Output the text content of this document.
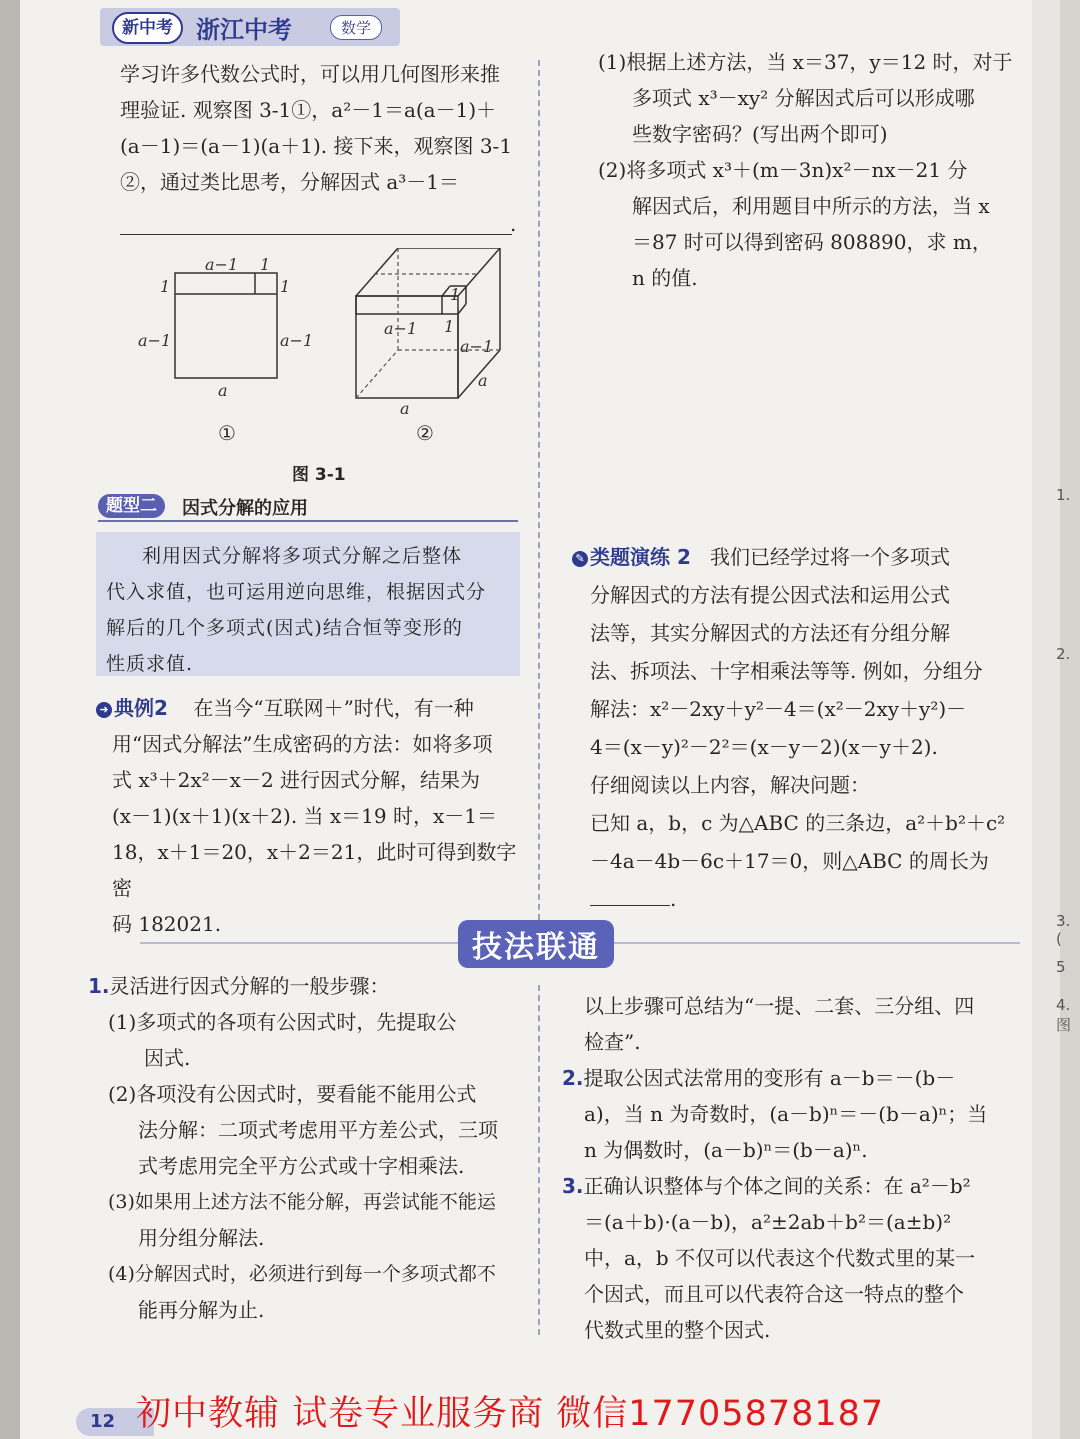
1.
2.
3.(
5
4.图
新中考 浙江中考	数学

学习许多代数公式时，可以用几何图形来推

理验证. 观察图 3-1①，a²－1＝a(a－1)＋

(a－1)＝(a－1)(a＋1). 接下来，观察图 3-1

②，通过类比思考，分解因式 a³－1＝

.
a−1 1
1	1
a−1	a−1
a
①
1
1
a−1
a−1
a
a
②
图 3-1
题型二	因式分解的应用

利用因式分解将多项式分解之后整体

代入求值，也可运用逆向思维，根据因式分

解后的几个多项式(因式)结合恒等变形的

性质求值.

➜ 典例2 在当今“互联网＋”时代，有一种

用“因式分解法”生成密码的方法：如将多项

式 x³＋2x²－x－2 进行因式分解，结果为

(x－1)(x＋1)(x＋2). 当 x＝19 时，x－1＝

18，x＋1＝20，x＋2＝21，此时可得到数字密

码 182021.

(1)根据上述方法，当 x＝37，y＝12 时，对于

多项式 x³－xy² 分解因式后可以形成哪

些数字密码？(写出两个即可)

(2)将多项式 x³＋(m－3n)x²－nx－21 分

解因式后，利用题目中所示的方法，当 x

＝87 时可以得到密码 808890，求 m，

n 的值.

✎ 类题演练 2 我们已经学过将一个多项式

分解因式的方法有提公因式法和运用公式

法等，其实分解因式的方法还有分组分解

法、拆项法、十字相乘法等等. 例如，分组分

解法：x²－2xy＋y²－4＝(x²－2xy＋y²)－

4＝(x－y)²－2²＝(x－y－2)(x－y＋2).

仔细阅读以上内容，解决问题：

已知 a，b，c 为△ABC 的三条边，a²＋b²＋c²

－4a－4b－6c＋17＝0，则△ABC 的周长为

.

技法联通

1.灵活进行因式分解的一般步骤：

(1)多项式的各项有公因式时，先提取公

因式.

(2)各项没有公因式时，要看能不能用公式

法分解：二项式考虑用平方差公式，三项

式考虑用完全平方公式或十字相乘法.

(3)如果用上述方法不能分解，再尝试能不能运

用分组分解法.

(4)分解因式时，必须进行到每一个多项式都不

能再分解为止.

以上步骤可总结为“一提、二套、三分组、四

检查”.

2.提取公因式法常用的变形有 a－b＝－(b－

a)，当 n 为奇数时，(a－b)ⁿ＝－(b－a)ⁿ；当

n 为偶数时，(a－b)ⁿ＝(b－a)ⁿ.

3.正确认识整体与个体之间的关系：在 a²－b²

＝(a＋b)·(a－b)，a²±2ab＋b²＝(a±b)²

中，a，b 不仅可以代表这个代数式里的某一

个因式，而且可以代表符合这一特点的整个

代数式里的整个因式.

12 初中教辅 试卷专业服务商 微信17705878187
